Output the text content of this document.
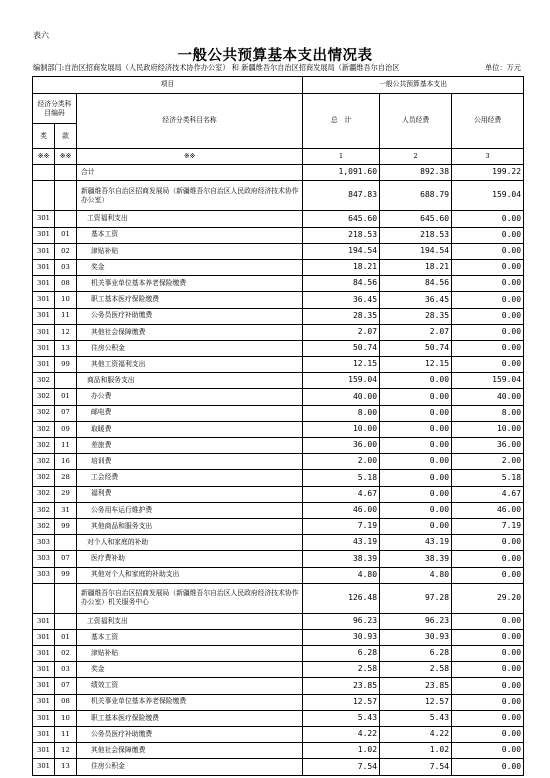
表六
一般公共预算基本支出情况表
编制部门:自治区招商发展局（人民政府经济技术协作办公室） 和 新疆维吾尔自治区招商发展局（新疆维吾尔自治区	单位：万元
项目			一般公共预算基本支出		

经济分类科目编码
类 款		经济分类科目名称	总　计	人员经费	公用经费
※※	※※	※※	1	2	3
		合计	1,091.60	892.38	199.22
		新疆维吾尔自治区招商发展局（新疆维吾尔自治区人民政府经济技术协作办公室）	847.83	688.79	159.04
301		工资福利支出	645.60	645.60	0.00
301	01	基本工资	218.53	218.53	0.00
301	02	津贴补贴	194.54	194.54	0.00
301	03	奖金	18.21	18.21	0.00
301	08	机关事业单位基本养老保险缴费	84.56	84.56	0.00
301	10	职工基本医疗保险缴费	36.45	36.45	0.00
301	11	公务员医疗补助缴费	28.35	28.35	0.00
301	12	其他社会保障缴费	2.07	2.07	0.00
301	13	住房公积金	50.74	50.74	0.00
301	99	其他工资福利支出	12.15	12.15	0.00
302		商品和服务支出	159.04	0.00	159.04
302	01	办公费	40.00	0.00	40.00
302	07	邮电费	8.00	0.00	8.00
302	09	取暖费	10.00	0.00	10.00
302	11	差旅费	36.00	0.00	36.00
302	16	培训费	2.00	0.00	2.00
302	28	工会经费	5.18	0.00	5.18
302	29	福利费	4.67	0.00	4.67
302	31	公务用车运行维护费	46.00	0.00	46.00
302	99	其他商品和服务支出	7.19	0.00	7.19
303		对个人和家庭的补助	43.19	43.19	0.00
303	07	医疗费补助	38.39	38.39	0.00
303	99	其他对个人和家庭的补助支出	4.80	4.80	0.00
		新疆维吾尔自治区招商发展局（新疆维吾尔自治区人民政府经济技术协作办公室）机关服务中心	126.48	97.28	29.20
301		工资福利支出	96.23	96.23	0.00
301	01	基本工资	30.93	30.93	0.00
301	02	津贴补贴	6.28	6.28	0.00
301	03	奖金	2.58	2.58	0.00
301	07	绩效工资	23.85	23.85	0.00
301	08	机关事业单位基本养老保险缴费	12.57	12.57	0.00
301	10	职工基本医疗保险缴费	5.43	5.43	0.00
301	11	公务员医疗补助缴费	4.22	4.22	0.00
301	12	其他社会保障缴费	1.02	1.02	0.00
301	13	住房公积金	7.54	7.54	0.00
